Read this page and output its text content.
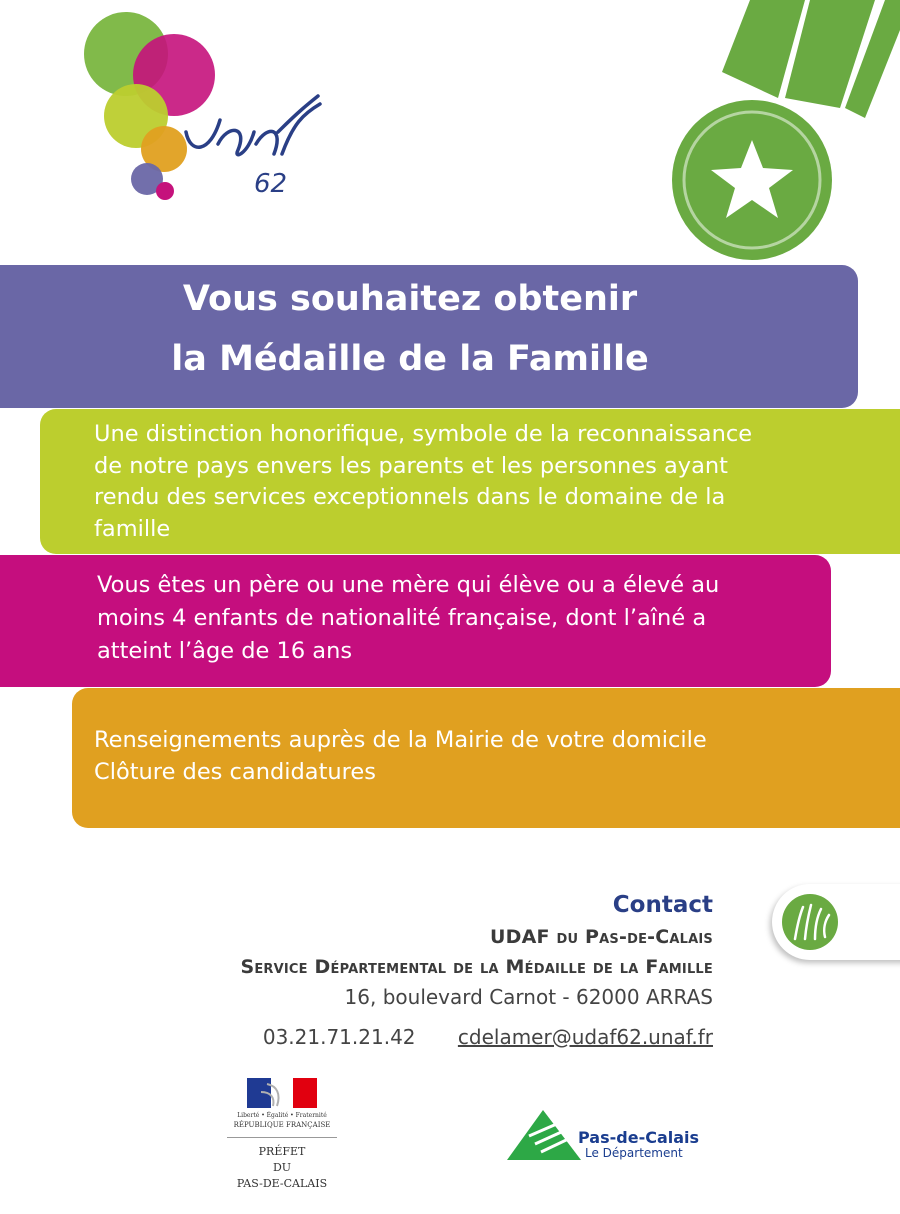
62
Vous souhaitez obtenir
la Médaille de la Famille
Une distinction honorifique, symbole de la reconnaissance
de notre pays envers les parents et les personnes ayant
rendu des services exceptionnels dans le domaine de la
famille
Vous êtes un père ou une mère qui élève ou a élevé au
moins 4 enfants de nationalité française, dont l’aîné a
atteint l’âge de 16 ans
Renseignements auprès de la Mairie de votre domicile
Clôture des candidatures
Contact
UDAF du Pas-de-Calais
Service Départemental de la Médaille de la Famille
16, boulevard Carnot - 62000 ARRAS
03.21.71.21.42 cdelamer@udaf62.unaf.fr
Liberté • Égalité • Fraternité
RÉPUBLIQUE FRANÇAISE
PRÉFET
DU
PAS-DE-CALAIS
Pas-de-Calais
Le Département
